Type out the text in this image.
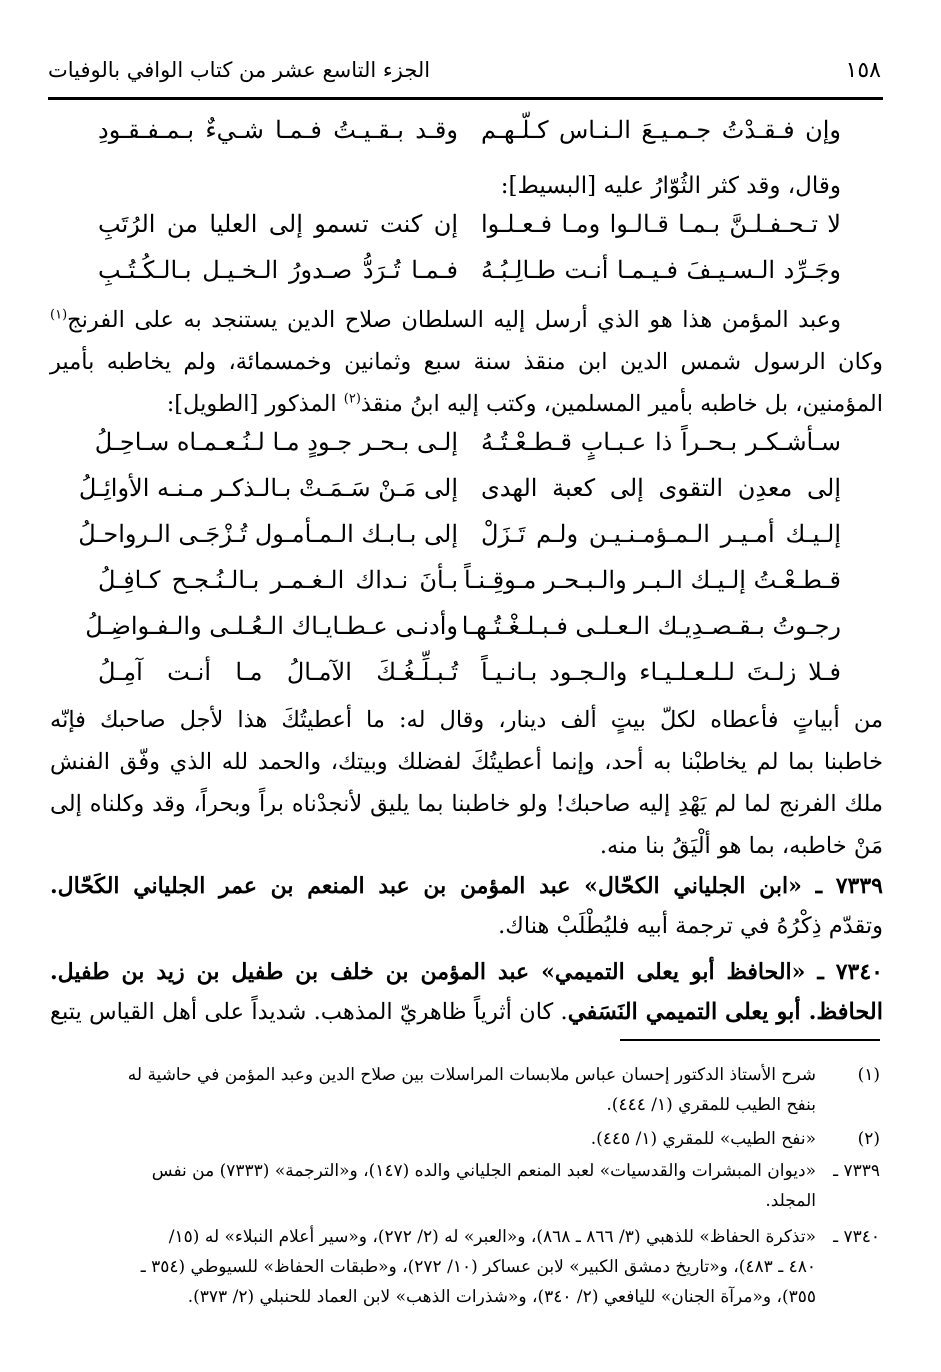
١٥٨
الجزء التاسع عشر من كتاب الوافي بالوفيات
وإن فـقـدْتُ جـمـيـعَ الـنـاس كـلّـهـم
وقـد بـقـيـتُ فـمـا شـيءٌ بـمـفـقـودِ
وقال، وقد كثر الثُوّارُ عليه [البسيط]:
لا تـحـفـلـنَّ بـمـا قـالـوا ومـا فـعـلـوا
إن كنت تسمو إلى العليا من الرُتَبِ
وجَـرِّد الـسـيـفَ فـيـمـا أنـت طـالِـبُـهُ
فـمـا تُـرَدُّ صـدورُ الـخـيـل بـالـكُـتُـبِ
وعبد المؤمن هذا هو الذي أرسل إليه السلطان صلاح الدين يستنجد به على الفرنج$^{(١)}$
وكان الرسول شمس الدين ابن منقذ سنة سبع وثمانين وخمسمائة، ولم يخاطبه بأمير
المؤمنين، بل خاطبه بأمير المسلمين، وكتب إليه ابنُ منقذ$^{(٢)}$ المذكور [الطويل]:
سـأشـكـر بـحـراً ذا عـبـابٍ قـطـعْـتُـهُ
إلـى بـحـر جـودٍ مـا لـنُـعـمـاه سـاحِـلُ
إلى معدِن التقوى إلى كعبة الهدى
إلى مَـنْ سَـمَـتْ بـالـذكـر مـنـه الأوائِـلُ
إلـيـك أمـيـر الـمـؤمـنـيـن ولـم تَـزَلْ
إلى بـابـك الـمـأمـول تُـزْجَـى الـرواحـلُ
قـطـعْـتُ إلـيـك الـبـر والـبـحـر مـوقِـنـاً
بـأنَ نـداك الـغـمـر بـالـنُـجـح كـافِـلُ
رجـوتُ بـقـصـدِيـك الـعـلـى فـبـلـغْـتُـهـا
وأدنـى عـطـايـاك الـعُـلـى والـفـواضِـلُ
فـلا زلـتَ لـلـعـلـيـاء والـجـود بـانـيـاً
تُـبـلِّـغُـكَ الآمـالُ مـا أنـت آمِـلُ
من أبياتٍ فأعطاه لكلّ بيتٍ ألف دينار، وقال له: ما أعطيتُكَ هذا لأجل صاحبك فإنّه
خاطبنا بما لم يخاطبْنا به أحد، وإنما أعطيتُكَ لفضلك وبيتك، والحمد لله الذي وفّق الفنش
ملك الفرنج لما لم يَهْدِ إليه صاحبك! ولو خاطبنا بما يليق لأنجدْناه براً وبحراً، وقد وكلناه إلى
مَنْ خاطبه، بما هو ألْيَقُ بنا منه.
٧٣٣٩ ـ «ابن الجلياني الكحّال» عبد المؤمن بن عبد المنعم بن عمر الجلياني الكَحّال.
وتقدّم ذِكْرُهُ في ترجمة أبيه فليُطْلَبْ هناك.
٧٣٤٠ ـ «الحافظ أبو يعلى التميمي» عبد المؤمن بن خلف بن طفيل بن زيد بن طفيل.
الحافظ. أبو يعلى التميمي النَسَفي. كان أثرياً ظاهريّ المذهب. شديداً على أهل القياس يتبع
(١)
شرح الأستاذ الدكتور إحسان عباس ملابسات المراسلات بين صلاح الدين وعبد المؤمن في حاشية له
بنفح الطيب للمقري (١/ ٤٤٤).
(٢)
«نفح الطيب» للمقري (١/ ٤٤٥).
٧٣٣٩ ـ
«ديوان المبشرات والقدسيات» لعبد المنعم الجلياني والده (١٤٧)، و«الترجمة» (٧٣٣٣) من نفس
المجلد.
٧٣٤٠ ـ
«تذكرة الحفاظ» للذهبي (٣/ ٨٦٦ ـ ٨٦٨)، و«العبر» له (٢/ ٢٧٢)، و«سير أعلام النبلاء» له (١٥/
٤٨٠ ـ ٤٨٣)، و«تاريخ دمشق الكبير» لابن عساكر (١٠/ ٢٧٢)، و«طبقات الحفاظ» للسيوطي (٣٥٤ ـ
٣٥٥)، و«مرآة الجنان» لليافعي (٢/ ٣٤٠)، و«شذرات الذهب» لابن العماد للحنبلي (٢/ ٣٧٣).
